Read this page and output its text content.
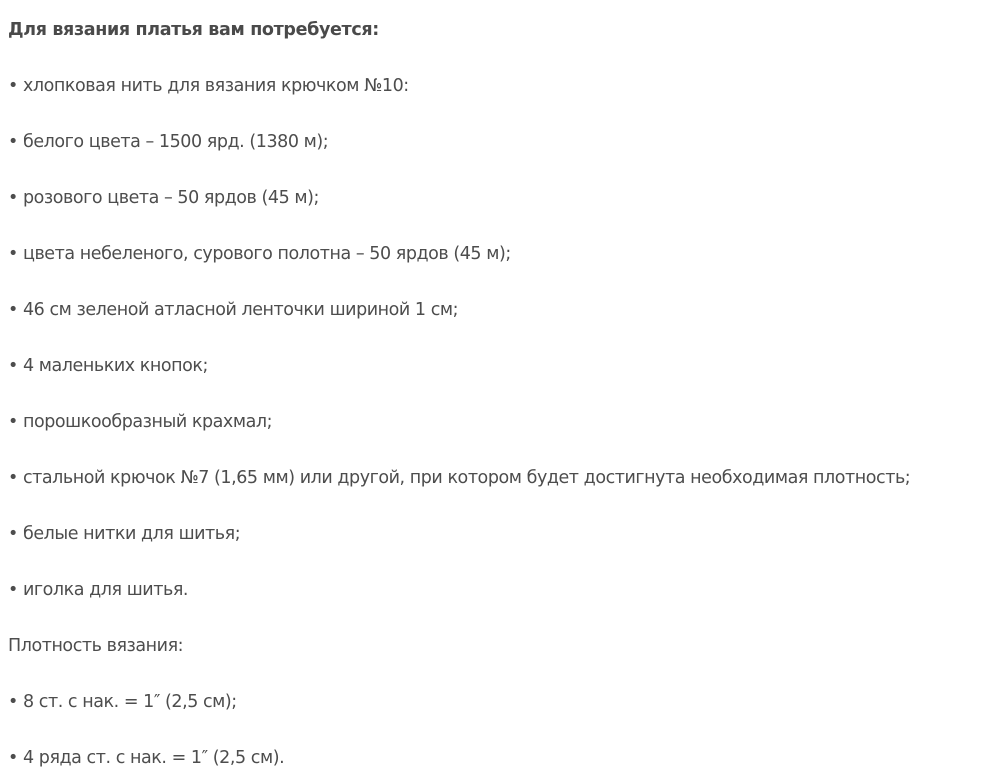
Для вязания платья вам потребуется:
• хлопковая нить для вязания крючком №10:
• белого цвета – 1500 ярд. (1380 м);
• розового цвета – 50 ярдов (45 м);
• цвета небеленого, сурового полотна – 50 ярдов (45 м);
• 46 см зеленой атласной ленточки шириной 1 см;
• 4 маленьких кнопок;
• порошкообразный крахмал;
• стальной крючок №7 (1,65 мм) или другой, при котором будет достигнута необходимая плотность;
• белые нитки для шитья;
• иголка для шитья.
Плотность вязания:
• 8 ст. с нак. = 1″ (2,5 см);
• 4 ряда ст. с нак. = 1″ (2,5 см).
